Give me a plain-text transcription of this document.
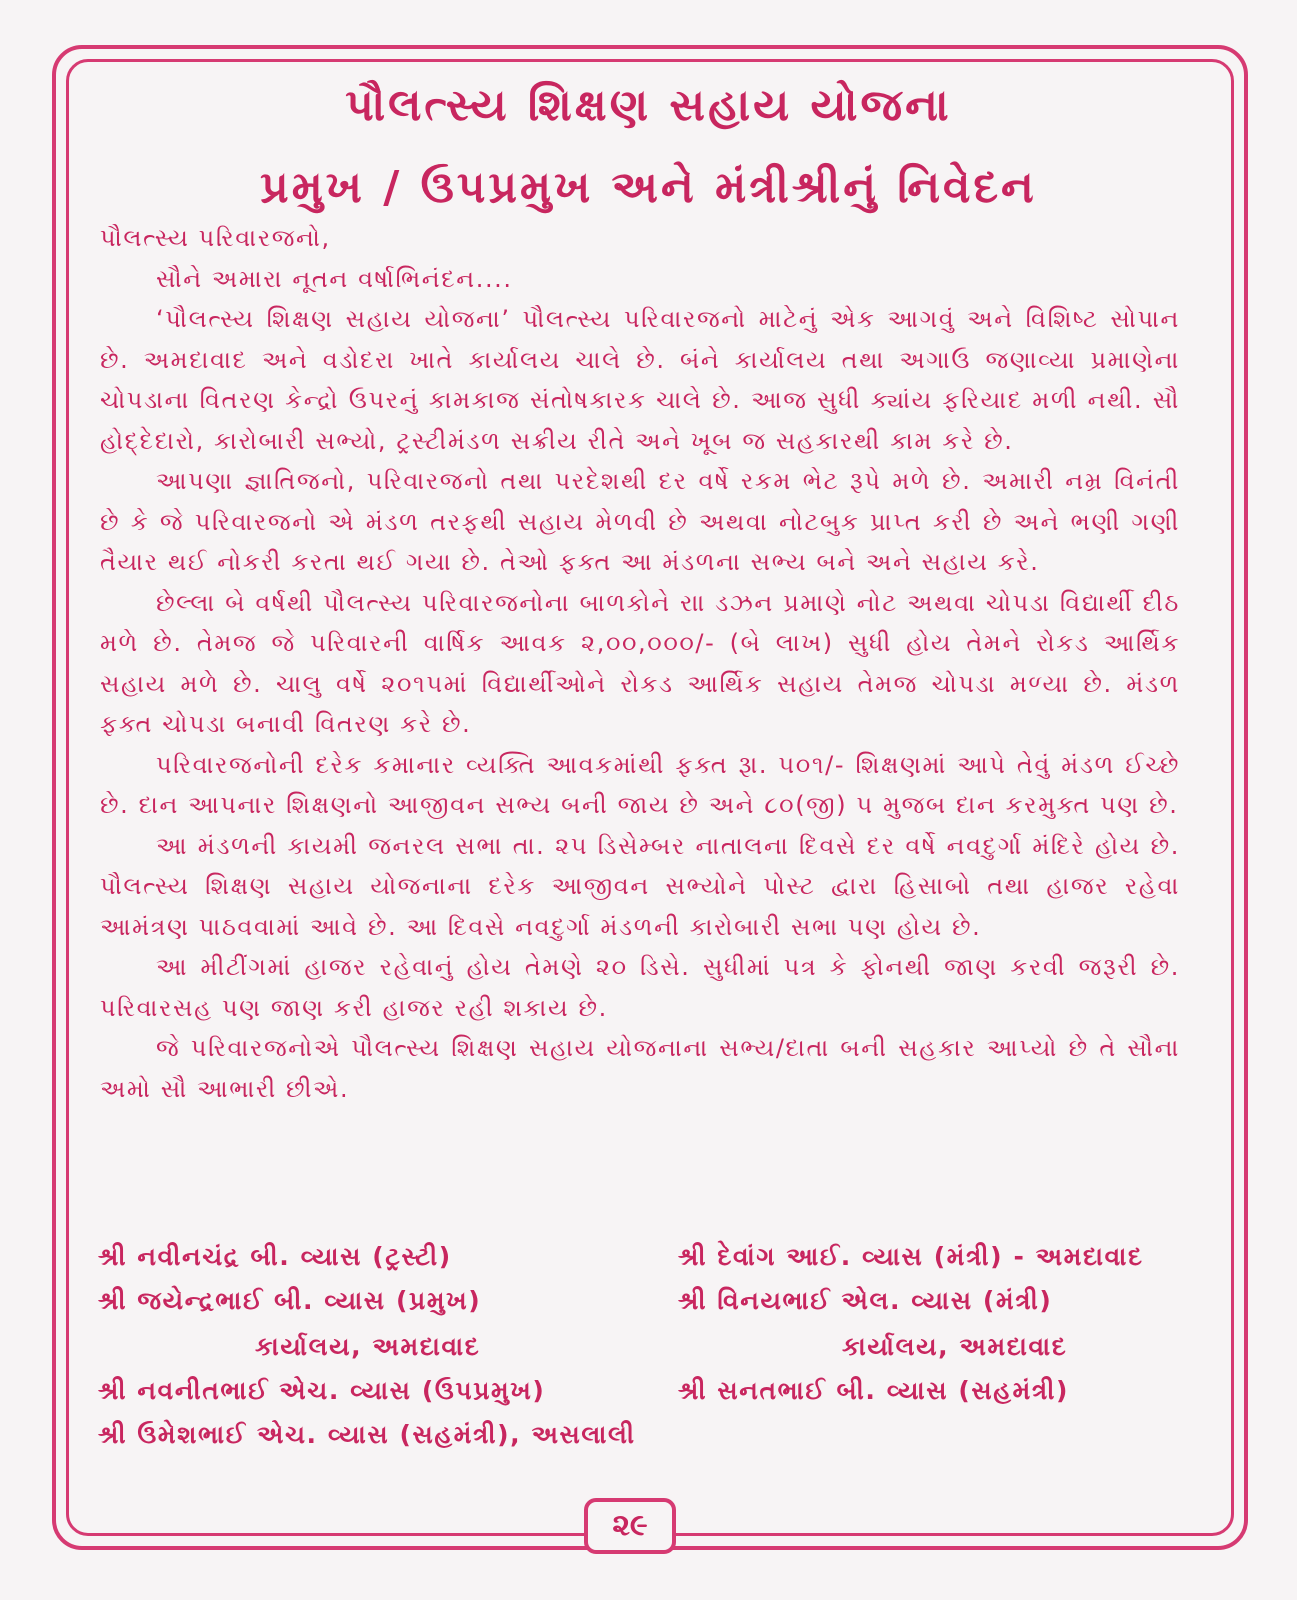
પૌલત્સ્ય શિક્ષણ સહાય યોજના
પ્રમુખ / ઉપપ્રમુખ અને મંત્રીશ્રીનું નિવેદન

પૌલત્સ્ય પરિવારજનો,

સૌને અમારા નૂતન વર્ષાભિનંદન....

‘પૌલત્સ્ય શિક્ષણ સહાય યોજના’ પૌલત્સ્ય પરિવારજનો માટેનું એક આગવું અને વિશિષ્ટ સોપાન છે. અમદાવાદ અને વડોદરા ખાતે કાર્યાલય ચાલે છે. બંને કાર્યાલય તથા અગાઉ જણાવ્યા પ્રમાણેના ચોપડાના વિતરણ કેન્દ્રો ઉપરનું કામકાજ સંતોષકારક ચાલે છે. આજ સુધી ક્યાંય ફરિયાદ મળી નથી. સૌ હોદ્દેદારો, કારોબારી સભ્યો, ટ્રસ્ટીમંડળ સક્રીય રીતે અને ખૂબ જ સહકારથી કામ કરે છે.

આપણા જ્ઞાતિજનો, પરિવારજનો તથા પરદેશથી દર વર્ષે રકમ ભેટ રૂપે મળે છે. અમારી નમ્ર વિનંતી છે કે જે પરિવારજનો એ મંડળ તરફથી સહાય મેળવી છે અથવા નોટબુક પ્રાપ્ત કરી છે અને ભણી ગણી તૈયાર થઈ નોકરી કરતા થઈ ગયા છે. તેઓ ફક્ત આ મંડળના સભ્ય બને અને સહાય કરે.

છેલ્લા બે વર્ષથી પૌલત્સ્ય પરિવારજનોના બાળકોને રાા ડઝન પ્રમાણે નોટ અથવા ચોપડા વિદ્યાર્થી દીઠ મળે છે. તેમજ જે પરિવારની વાર્ષિક આવક ૨,૦૦,૦૦૦/- (બે લાખ) સુધી હોય તેમને રોકડ આર્થિક સહાય મળે છે. ચાલુ વર્ષે ૨૦૧૫માં વિદ્યાર્થીઓને રોકડ આર્થિક સહાય તેમજ ચોપડા મળ્યા છે. મંડળ ફક્ત ચોપડા બનાવી વિતરણ કરે છે.

પરિવારજનોની દરેક કમાનાર વ્યક્તિ આવકમાંથી ફક્ત રૂા. ૫૦૧/- શિક્ષણમાં આપે તેવું મંડળ ઈચ્છે છે. દાન આપનાર શિક્ષણનો આજીવન સભ્ય બની જાય છે અને ૮૦(જી) ૫ મુજબ દાન કરમુક્ત પણ છે.

આ મંડળની કાયમી જનરલ સભા તા. ૨૫ ડિસેમ્બર નાતાલના દિવસે દર વર્ષે નવદુર્ગા મંદિરે હોય છે. પૌલત્સ્ય શિક્ષણ સહાય યોજનાના દરેક આજીવન સભ્યોને પોસ્ટ દ્વારા હિસાબો તથા હાજર રહેવા આમંત્રણ પાઠવવામાં આવે છે. આ દિવસે નવદુર્ગા મંડળની કારોબારી સભા પણ હોય છે.

આ મીટીંગમાં હાજર રહેવાનું હોય તેમણે ૨૦ ડિસે. સુધીમાં પત્ર કે ફોનથી જાણ કરવી જરૂરી છે. પરિવારસહ પણ જાણ કરી હાજર રહી શકાય છે.

જે પરિવારજનોએ પૌલત્સ્ય શિક્ષણ સહાય યોજનાના સભ્ય/દાતા બની સહકાર આપ્યો છે તે સૌના અમો સૌ આભારી છીએ.

શ્રી નવીનચંદ્ર બી. વ્યાસ (ટ્રસ્ટી)
શ્રી જયેન્દ્રભાઈ બી. વ્યાસ (પ્રમુખ)
કાર્યાલય, અમદાવાદ
શ્રી નવનીતભાઈ એચ. વ્યાસ (ઉપપ્રમુખ)
શ્રી ઉમેશભાઈ એચ. વ્યાસ (સહમંત્રી), અસલાલી
શ્રી દેવાંગ આઈ. વ્યાસ (મંત્રી) - અમદાવાદ
શ્રી વિનયભાઈ એલ. વ્યાસ (મંત્રી)
કાર્યાલય, અમદાવાદ
શ્રી સનતભાઈ બી. વ્યાસ (સહમંત્રી)
૨૯
